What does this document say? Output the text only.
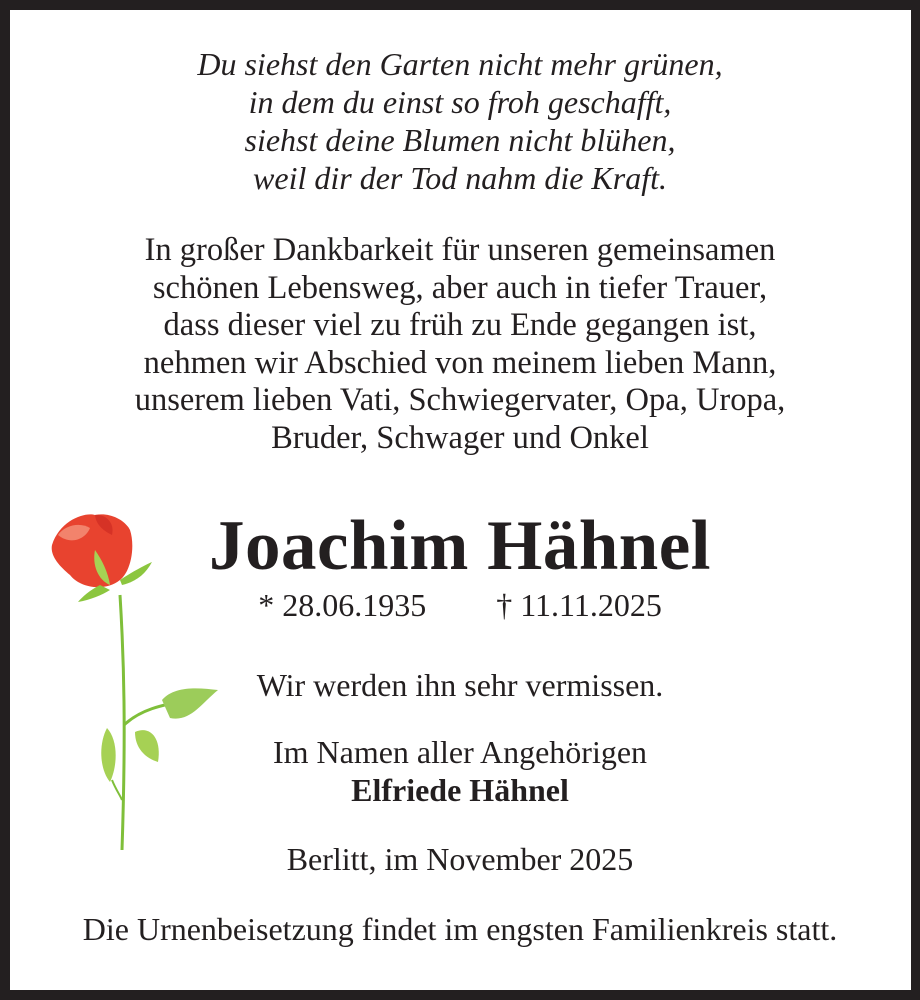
Du siehst den Garten nicht mehr grünen,
in dem du einst so froh geschafft,
siehst deine Blumen nicht blühen,
weil dir der Tod nahm die Kraft.
In großer Dankbarkeit für unseren gemeinsamen
schönen Lebensweg, aber auch in tiefer Trauer,
dass dieser viel zu früh zu Ende gegangen ist,
nehmen wir Abschied von meinem lieben Mann,
unserem lieben Vati, Schwiegervater, Opa, Uropa,
Bruder, Schwager und Onkel
Joachim Hähnel
* 28.06.1935 † 11.11.2025
Wir werden ihn sehr vermissen.
Im Namen aller Angehörigen
Elfriede Hähnel
Berlitt, im November 2025
Die Urnenbeisetzung findet im engsten Familienkreis statt.
